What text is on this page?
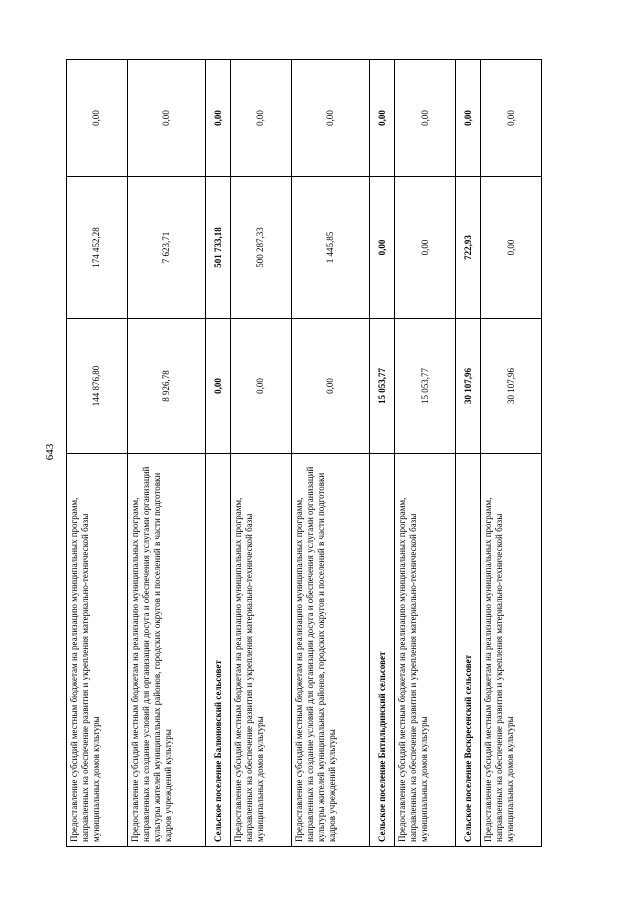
643
Предоставление субсидий местным бюджетам на реализацию муниципальных программ, направленных на обеспечение развития и укрепления материально-технической базы муниципальных домов культуры	144 876,80	174 452,28	0,00
Предоставление субсидий местным бюджетам на реализацию муниципальных программ, направленных на создание условий для организации досуга и обеспечения услугами организаций культуры жителей муниципальных районов, городских округов и поселений в части подготовки кадров учреждений культуры	8 926,78	7 623,71	0,00
Сельское поселение Балюновский сельсовет	0,00	501 733,18	0,00
Предоставление субсидий местным бюджетам на реализацию муниципальных программ, направленных на обеспечение развития и укрепления материально-технической базы муниципальных домов культуры	0,00	500 287,33	0,00
Предоставление субсидий местным бюджетам на реализацию муниципальных программ, направленных на создание условий для организации досуга и обеспечения услугами организаций культуры жителей муниципальных районов, городских округов и поселений в части подготовки кадров учреждений культуры	0,00	1 445,85	0,00
Сельское поселение Битильдинский сельсовет	15 053,77	0,00	0,00
Предоставление субсидий местным бюджетам на реализацию муниципальных программ, направленных на обеспечение развития и укрепления материально-технической базы муниципальных домов культуры	15 053,77	0,00	0,00
Сельское поселение Воскресенский сельсовет	30 107,96	722,93	0,00
Предоставление субсидий местным бюджетам на реализацию муниципальных программ, направленных на обеспечение развития и укрепления материально-технической базы муниципальных домов культуры	30 107,96	0,00	0,00
